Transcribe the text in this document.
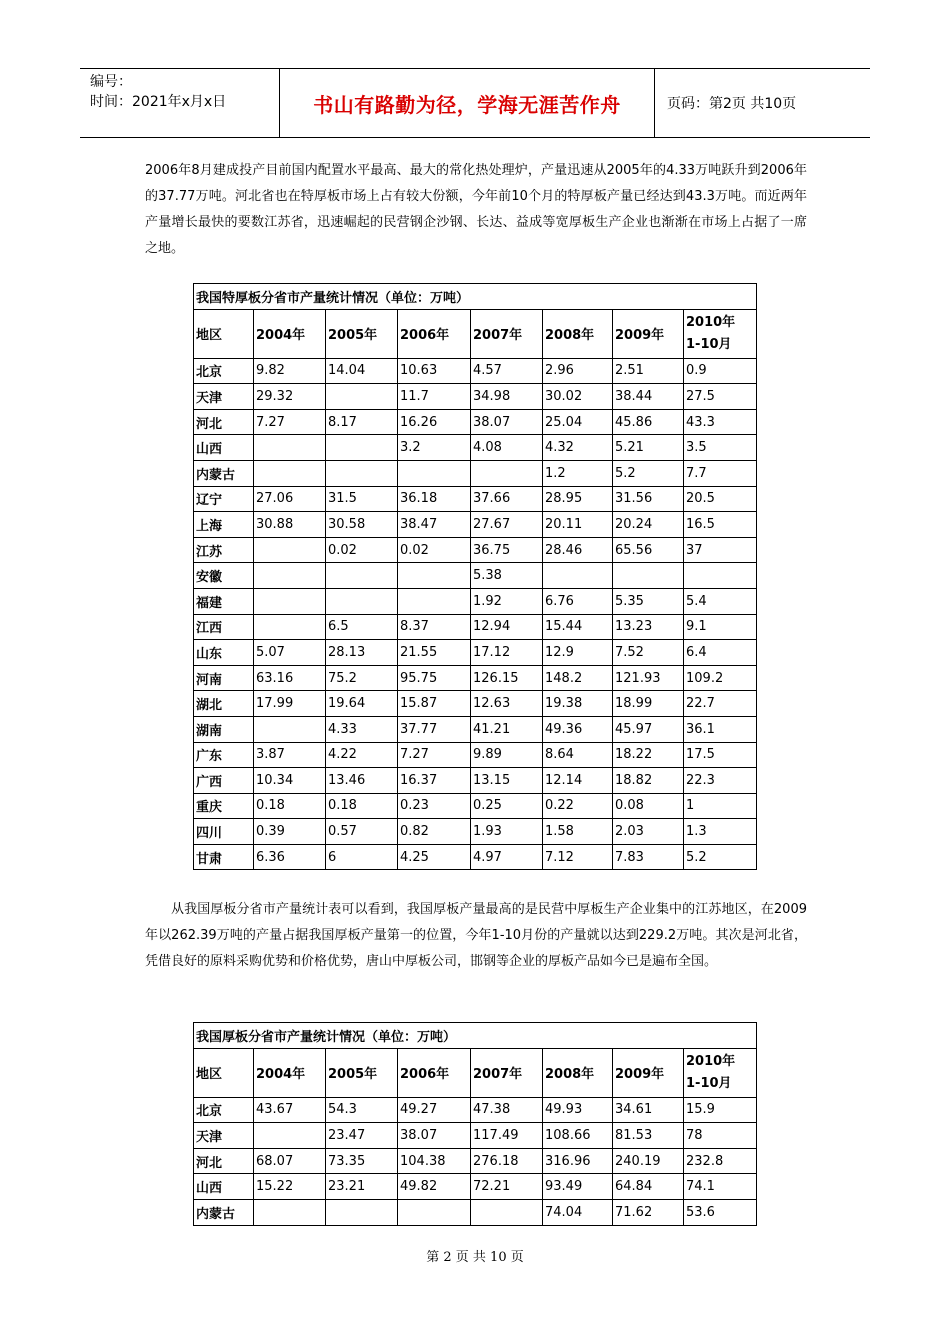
编号：
时间：2021年x月x日	书山有路勤为径，学海无涯苦作舟	页码：第2页 共10页
2006年8月建成投产目前国内配置水平最高、最大的常化热处理炉，产量迅速从2005年的4.33万吨跃升到2006年的37.77万吨。河北省也在特厚板市场上占有较大份额，今年前10个月的特厚板产量已经达到43.3万吨。而近两年产量增长最快的要数江苏省，迅速崛起的民营钢企沙钢、长达、益成等宽厚板生产企业也渐渐在市场上占据了一席之地。
我国特厚板分省市产量统计情况（单位：万吨）							
地区	2004年	2005年	2006年	2007年	2008年	2009年	2010年 1-10月
北京	9.82	14.04	10.63	4.57	2.96	2.51	0.9
天津	29.32		11.7	34.98	30.02	38.44	27.5
河北	7.27	8.17	16.26	38.07	25.04	45.86	43.3
山西			3.2	4.08	4.32	5.21	3.5
内蒙古					1.2	5.2	7.7
辽宁	27.06	31.5	36.18	37.66	28.95	31.56	20.5
上海	30.88	30.58	38.47	27.67	20.11	20.24	16.5
江苏		0.02	0.02	36.75	28.46	65.56	37
安徽				5.38			
福建				1.92	6.76	5.35	5.4
江西		6.5	8.37	12.94	15.44	13.23	9.1
山东	5.07	28.13	21.55	17.12	12.9	7.52	6.4
河南	63.16	75.2	95.75	126.15	148.2	121.93	109.2
湖北	17.99	19.64	15.87	12.63	19.38	18.99	22.7
湖南		4.33	37.77	41.21	49.36	45.97	36.1
广东	3.87	4.22	7.27	9.89	8.64	18.22	17.5
广西	10.34	13.46	16.37	13.15	12.14	18.82	22.3
重庆	0.18	0.18	0.23	0.25	0.22	0.08	1
四川	0.39	0.57	0.82	1.93	1.58	2.03	1.3
甘肃	6.36	6	4.25	4.97	7.12	7.83	5.2
从我国厚板分省市产量统计表可以看到，我国厚板产量最高的是民营中厚板生产企业集中的江苏地区，在2009年以262.39万吨的产量占据我国厚板产量第一的位置，今年1-10月份的产量就以达到229.2万吨。其次是河北省，凭借良好的原料采购优势和价格优势，唐山中厚板公司，邯钢等企业的厚板产品如今已是遍布全国。
我国厚板分省市产量统计情况（单位：万吨）							
地区	2004年	2005年	2006年	2007年	2008年	2009年	2010年 1-10月
北京	43.67	54.3	49.27	47.38	49.93	34.61	15.9
天津		23.47	38.07	117.49	108.66	81.53	78
河北	68.07	73.35	104.38	276.18	316.96	240.19	232.8
山西	15.22	23.21	49.82	72.21	93.49	64.84	74.1
内蒙古					74.04	71.62	53.6
第 2 页 共 10 页
